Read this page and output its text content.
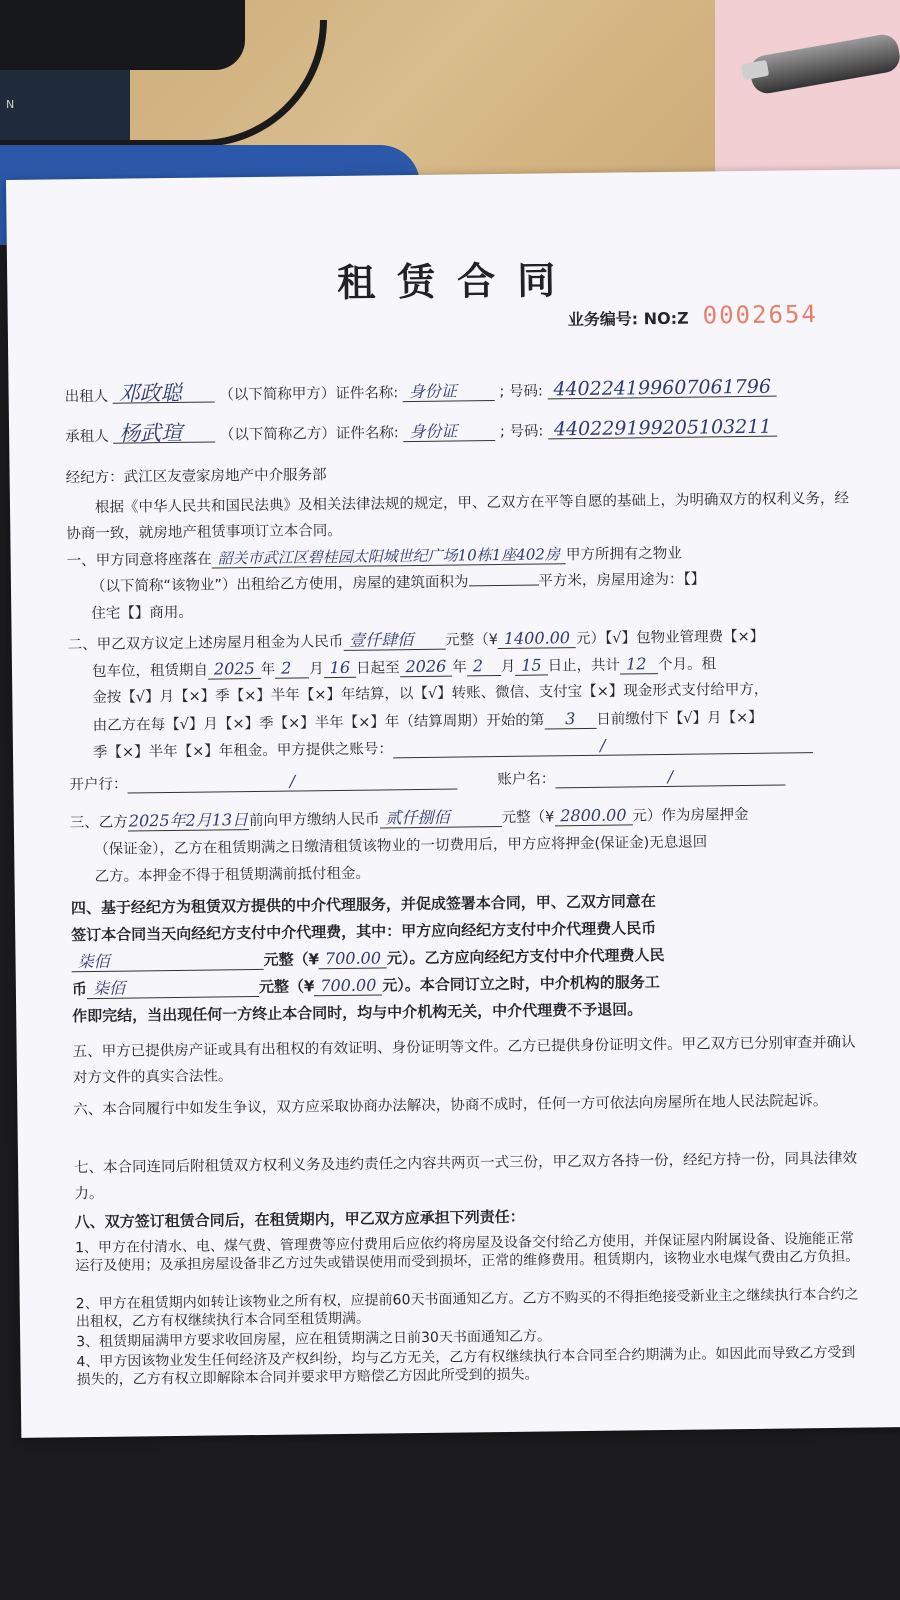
N
租赁合同
业务编号: NO:Z 0002654
出租人 邓政聪	（以下简称甲方）证件名称: 身份证	; 号码: 440224199607061796
承租人 杨武瑄	（以下简称乙方）证件名称: 身份证	; 号码: 440229199205103211
经纪方：武江区友壹家房地产中介服务部
根据《中华人民共和国民法典》及相关法律法规的规定，甲、乙双方在平等自愿的基础上，为明确双方的权利义务，经协商一致，就房地产租赁事项订立本合同。
一、甲方同意将座落在 韶关市武江区碧桂园太阳城世纪广场10栋1座402房 甲方所拥有之物业
（以下简称“该物业”）出租给乙方使用，房屋的建筑面积为	平方米，房屋用途为：【】
住宅【】商用。
二、甲乙双方议定上述房屋月租金为人民币 壹仟肆佰 元整（¥ 1400.00 元）【√】包物业管理费【×】
包车位，租赁期自 2025 年 2 月 16 日起至 2026 年 2 月 15 日止，共计 12 个月。租
金按【√】月【×】季【×】半年【×】年结算，以【√】转账、微信、支付宝【×】现金形式支付给甲方，
由乙方在每【√】月【×】季【×】半年【×】年（结算周期）开始的第 3 日前缴付下【√】月【×】
季【×】半年【×】年租金。甲方提供之账号：	/
开户行：	/	账户名：	/
三、乙方2025年2月13日前向甲方缴纳人民币 贰仟捌佰	元整（¥ 2800.00 元）作为房屋押金
（保证金），乙方在租赁期满之日缴清租赁该物业的一切费用后，甲方应将押金(保证金)无息退回
乙方。本押金不得于租赁期满前抵付租金。
四、基于经纪方为租赁双方提供的中介代理服务，并促成签署本合同，甲、乙双方同意在
签订本合同当天向经纪方支付中介代理费，其中：甲方应向经纪方支付中介代理费人民币
柒佰	元整（¥ 700.00 元）。乙方应向经纪方支付中介代理费人民
币 柒佰	元整（¥ 700.00 元）。本合同订立之时，中介机构的服务工
作即完结，当出现任何一方终止本合同时，均与中介机构无关，中介代理费不予退回。
五、甲方已提供房产证或具有出租权的有效证明、身份证明等文件。乙方已提供身份证明文件。甲乙双方已分别审查并确认对方文件的真实合法性。
六、本合同履行中如发生争议，双方应采取协商办法解决，协商不成时，任何一方可依法向房屋所在地人民法院起诉。
七、本合同连同后附租赁双方权利义务及违约责任之内容共两页一式三份，甲乙双方各持一份，经纪方持一份，同具法律效力。
八、双方签订租赁合同后，在租赁期内，甲乙双方应承担下列责任：
1、甲方在付清水、电、煤气费、管理费等应付费用后应依约将房屋及设备交付给乙方使用，并保证屋内附属设备、设施能正常运行及使用；及承担房屋设备非乙方过失或错误使用而受到损坏，正常的维修费用。租赁期内，该物业水电煤气费由乙方负担。
2、甲方在租赁期内如转让该物业之所有权，应提前60天书面通知乙方。乙方不购买的不得拒绝接受新业主之继续执行本合约之出租权，乙方有权继续执行本合同至租赁期满。
3、租赁期届满甲方要求收回房屋，应在租赁期满之日前30天书面通知乙方。
4、甲方因该物业发生任何经济及产权纠纷，均与乙方无关，乙方有权继续执行本合同至合约期满为止。如因此而导致乙方受到损失的，乙方有权立即解除本合同并要求甲方赔偿乙方因此所受到的损失。
